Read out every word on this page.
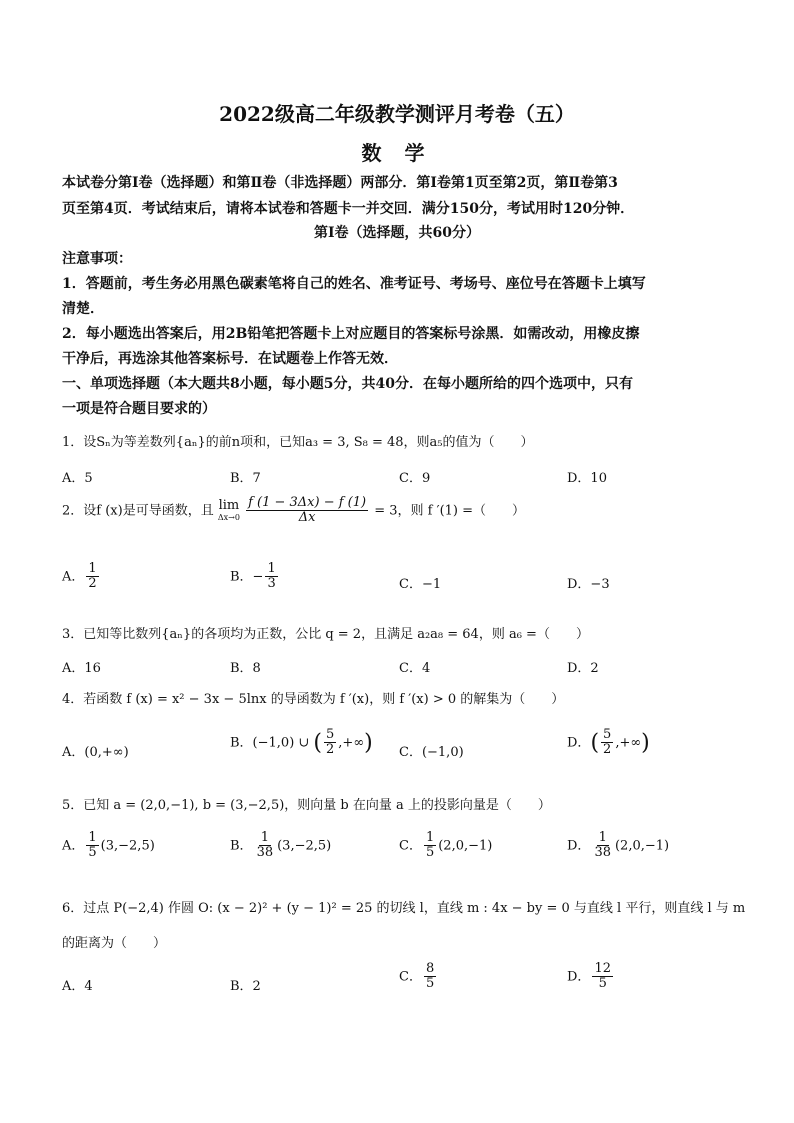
2022级高二年级教学测评月考卷（五）
数 学
本试卷分第Ⅰ卷（选择题）和第Ⅱ卷（非选择题）两部分．第Ⅰ卷第1页至第2页，第Ⅱ卷第3
页至第4页．考试结束后，请将本试卷和答题卡一并交回．满分150分，考试用时120分钟．
第Ⅰ卷（选择题，共60分）
注意事项：
1．答题前，考生务必用黑色碳素笔将自己的姓名、准考证号、考场号、座位号在答题卡上填写
清楚．
2．每小题选出答案后，用2B铅笔把答题卡上对应题目的答案标号涂黑．如需改动，用橡皮擦
干净后，再选涂其他答案标号．在试题卷上作答无效．
一、单项选择题（本大题共8小题，每小题5分，共40分．在每小题所给的四个选项中，只有
一项是符合题目要求的）
1．设Sₙ为等差数列{aₙ}的前n项和，已知a₃ = 3, S₈ = 48，则a₅的值为（　　）
A．5	B．7	C．9	D．10
2．设f (x)是可导函数，且 lim
Δx→0
$\frac{f (1 - 3\Delta x) - f (1)}{\Delta x} = 3$，则 f ′(1) =（　　）
A． $\frac{1}{2}$	B．− $\frac{1}{3}$	C．−1	D．−3
3．已知等比数列{aₙ}的各项均为正数，公比 q = 2，且满足 a₂a₈ = 64，则 a₆ =（　　）
A．16	B．8	C．4	D．2
4．若函数 f (x) = x² − 3x − 5lnx 的导函数为 f ′(x)，则 f ′(x) > 0 的解集为（　　）
A．(0,+∞)
B．(−1,0) ∪ ( $\frac{5}{2}$ ,+∞) C．(−1,0)
D．( $\frac{5}{2}$ ,+∞)
5．已知 a = (2,0,−1), b = (3,−2,5)，则向量 b 在向量 a 上的投影向量是（　　）
A． $\frac{1}{5} (3,-2,5)$	B． $\frac{1}{38} (3,-2,5)$	C． $\frac{1}{5} (2,0,-1)$	D． $\frac{1}{38} (2,0,-1)$
6．过点 P(−2,4) 作圆 O: (x − 2)² + (y − 1)² = 25 的切线 l，直线 m : 4x − by = 0 与直线 l 平行，则直线 l 与 m
的距离为（　　）
A．4	B．2
C． $\frac{8}{5}$	D． $\frac{12}{5}$
